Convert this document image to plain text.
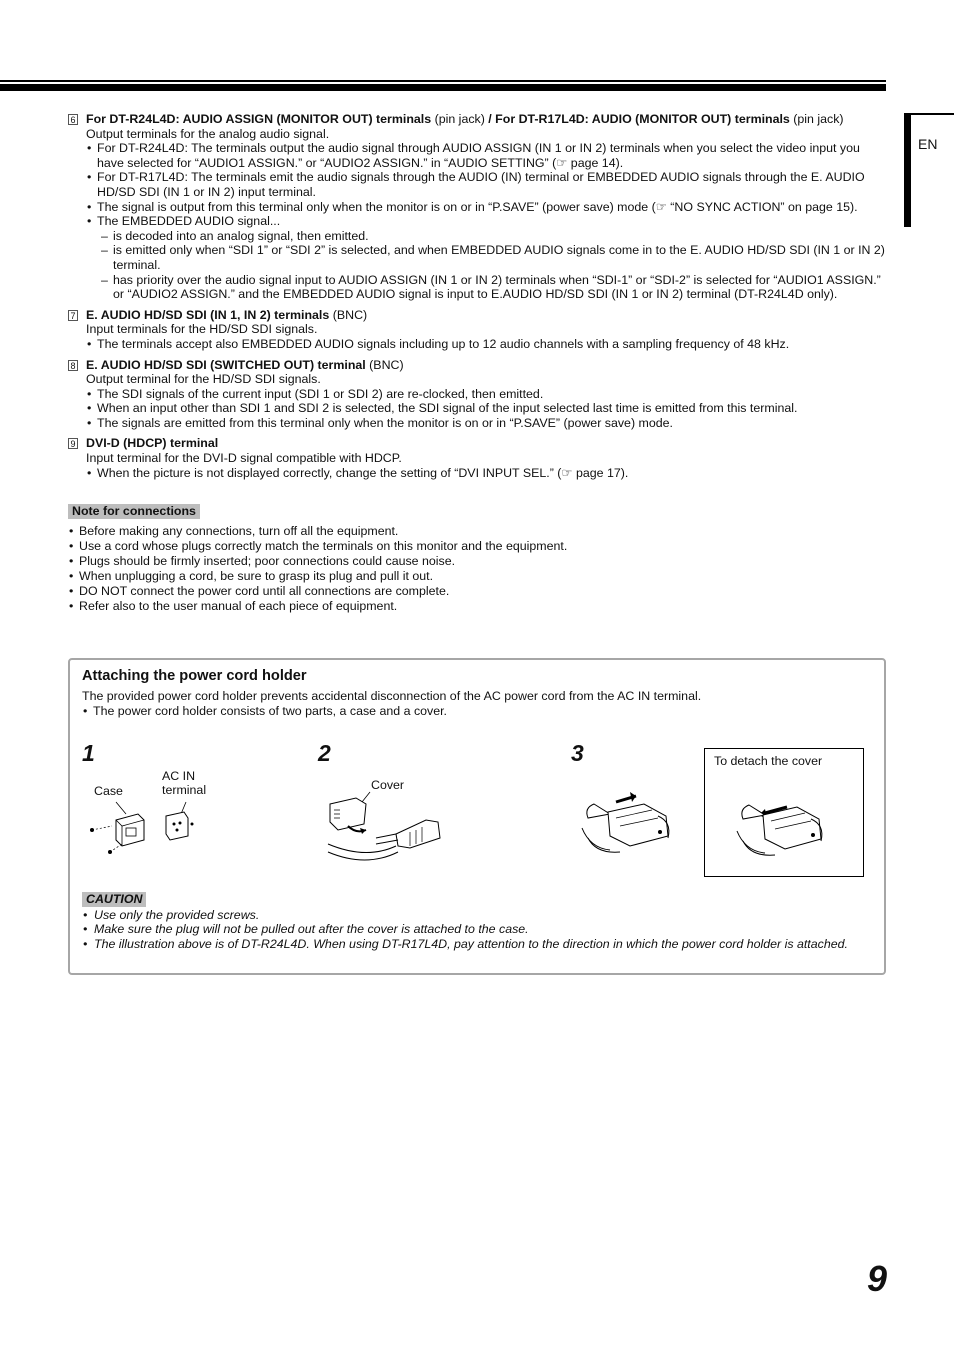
EN
6 For DT-R24L4D: AUDIO ASSIGN (MONITOR OUT) terminals (pin jack) / For DT-R17L4D: AUDIO (MONITOR OUT) terminals (pin jack)
Output terminals for the analog audio signal.
• For DT-R24L4D: The terminals output the audio signal through AUDIO ASSIGN (IN 1 or IN 2) terminals when you select the video input you have selected for “AUDIO1 ASSIGN.” or “AUDIO2 ASSIGN.” in “AUDIO SETTING” (☞ page 14).
• For DT-R17L4D: The terminals emit the audio signals through the AUDIO (IN) terminal or EMBEDDED AUDIO signals through the E. AUDIO HD/SD SDI (IN 1 or IN 2) input terminal.
• The signal is output from this terminal only when the monitor is on or in “P.SAVE” (power save) mode (☞ “NO SYNC ACTION” on page 15).
• The EMBEDDED AUDIO signal...
– is decoded into an analog signal, then emitted.
– is emitted only when “SDI 1” or “SDI 2” is selected, and when EMBEDDED AUDIO signals come in to the E. AUDIO HD/SD SDI (IN 1 or IN 2) terminal.
– has priority over the audio signal input to AUDIO ASSIGN (IN 1 or IN 2) terminals when “SDI-1” or “SDI-2” is selected for “AUDIO1 ASSIGN.” or “AUDIO2 ASSIGN.” and the EMBEDDED AUDIO signal is input to E.AUDIO HD/SD SDI (IN 1 or IN 2) terminal (DT-R24L4D only).
7 E. AUDIO HD/SD SDI (IN 1, IN 2) terminals (BNC)
Input terminals for the HD/SD SDI signals.
• The terminals accept also EMBEDDED AUDIO signals including up to 12 audio channels with a sampling frequency of 48 kHz.
8 E. AUDIO HD/SD SDI (SWITCHED OUT) terminal (BNC)
Output terminal for the HD/SD SDI signals.
• The SDI signals of the current input (SDI 1 or SDI 2) are re-clocked, then emitted.
• When an input other than SDI 1 and SDI 2 is selected, the SDI signal of the input selected last time is emitted from this terminal.
• The signals are emitted from this terminal only when the monitor is on or in “P.SAVE” (power save) mode.
9 DVI-D (HDCP) terminal
Input terminal for the DVI-D signal compatible with HDCP.
• When the picture is not displayed correctly, change the setting of “DVI INPUT SEL.” (☞ page 17).
Note for connections
• Before making any connections, turn off all the equipment.
• Use a cord whose plugs correctly match the terminals on this monitor and the equipment.
• Plugs should be firmly inserted; poor connections could cause noise.
• When unplugging a cord, be sure to grasp its plug and pull it out.
• DO NOT connect the power cord until all connections are complete.
• Refer also to the user manual of each piece of equipment.
Attaching the power cord holder
The provided power cord holder prevents accidental disconnection of the AC power cord from the AC IN terminal.
• The power cord holder consists of two parts, a case and a cover.
1
Case
AC IN
terminal
2
Cover
3	To detach the cover
CAUTION
• Use only the provided screws.
• Make sure the plug will not be pulled out after the cover is attached to the case.
• The illustration above is of DT-R24L4D. When using DT-R17L4D, pay attention to the direction in which the power cord holder is attached.
9
